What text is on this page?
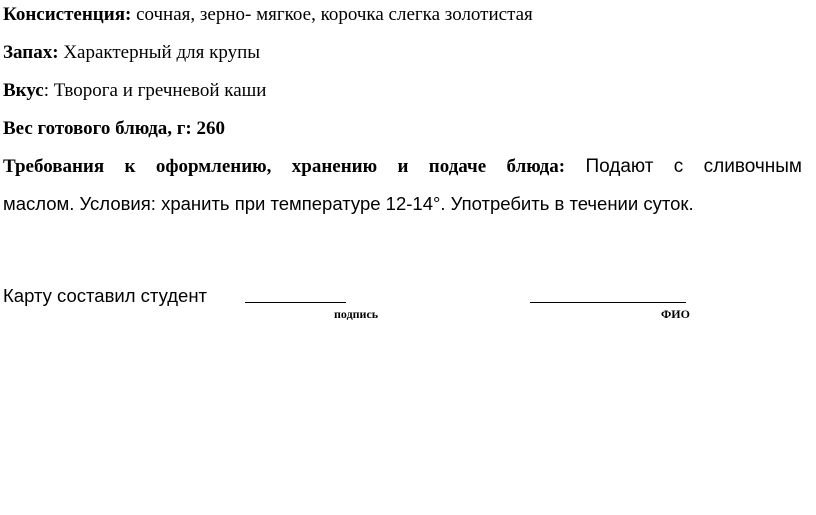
Консистенция: сочная, зерно- мягкое, корочка слегка золотистая
Запах: Характерный для крупы
Вкус: Творога и гречневой каши
Вес готового блюда, г: 260
Требования к оформлению, хранению и подаче блюда: Подают с сливочным
маслом. Условия: хранить при температуре 12-14°. Употребить в течении суток.
Карту составил студент
подпись	ФИО
